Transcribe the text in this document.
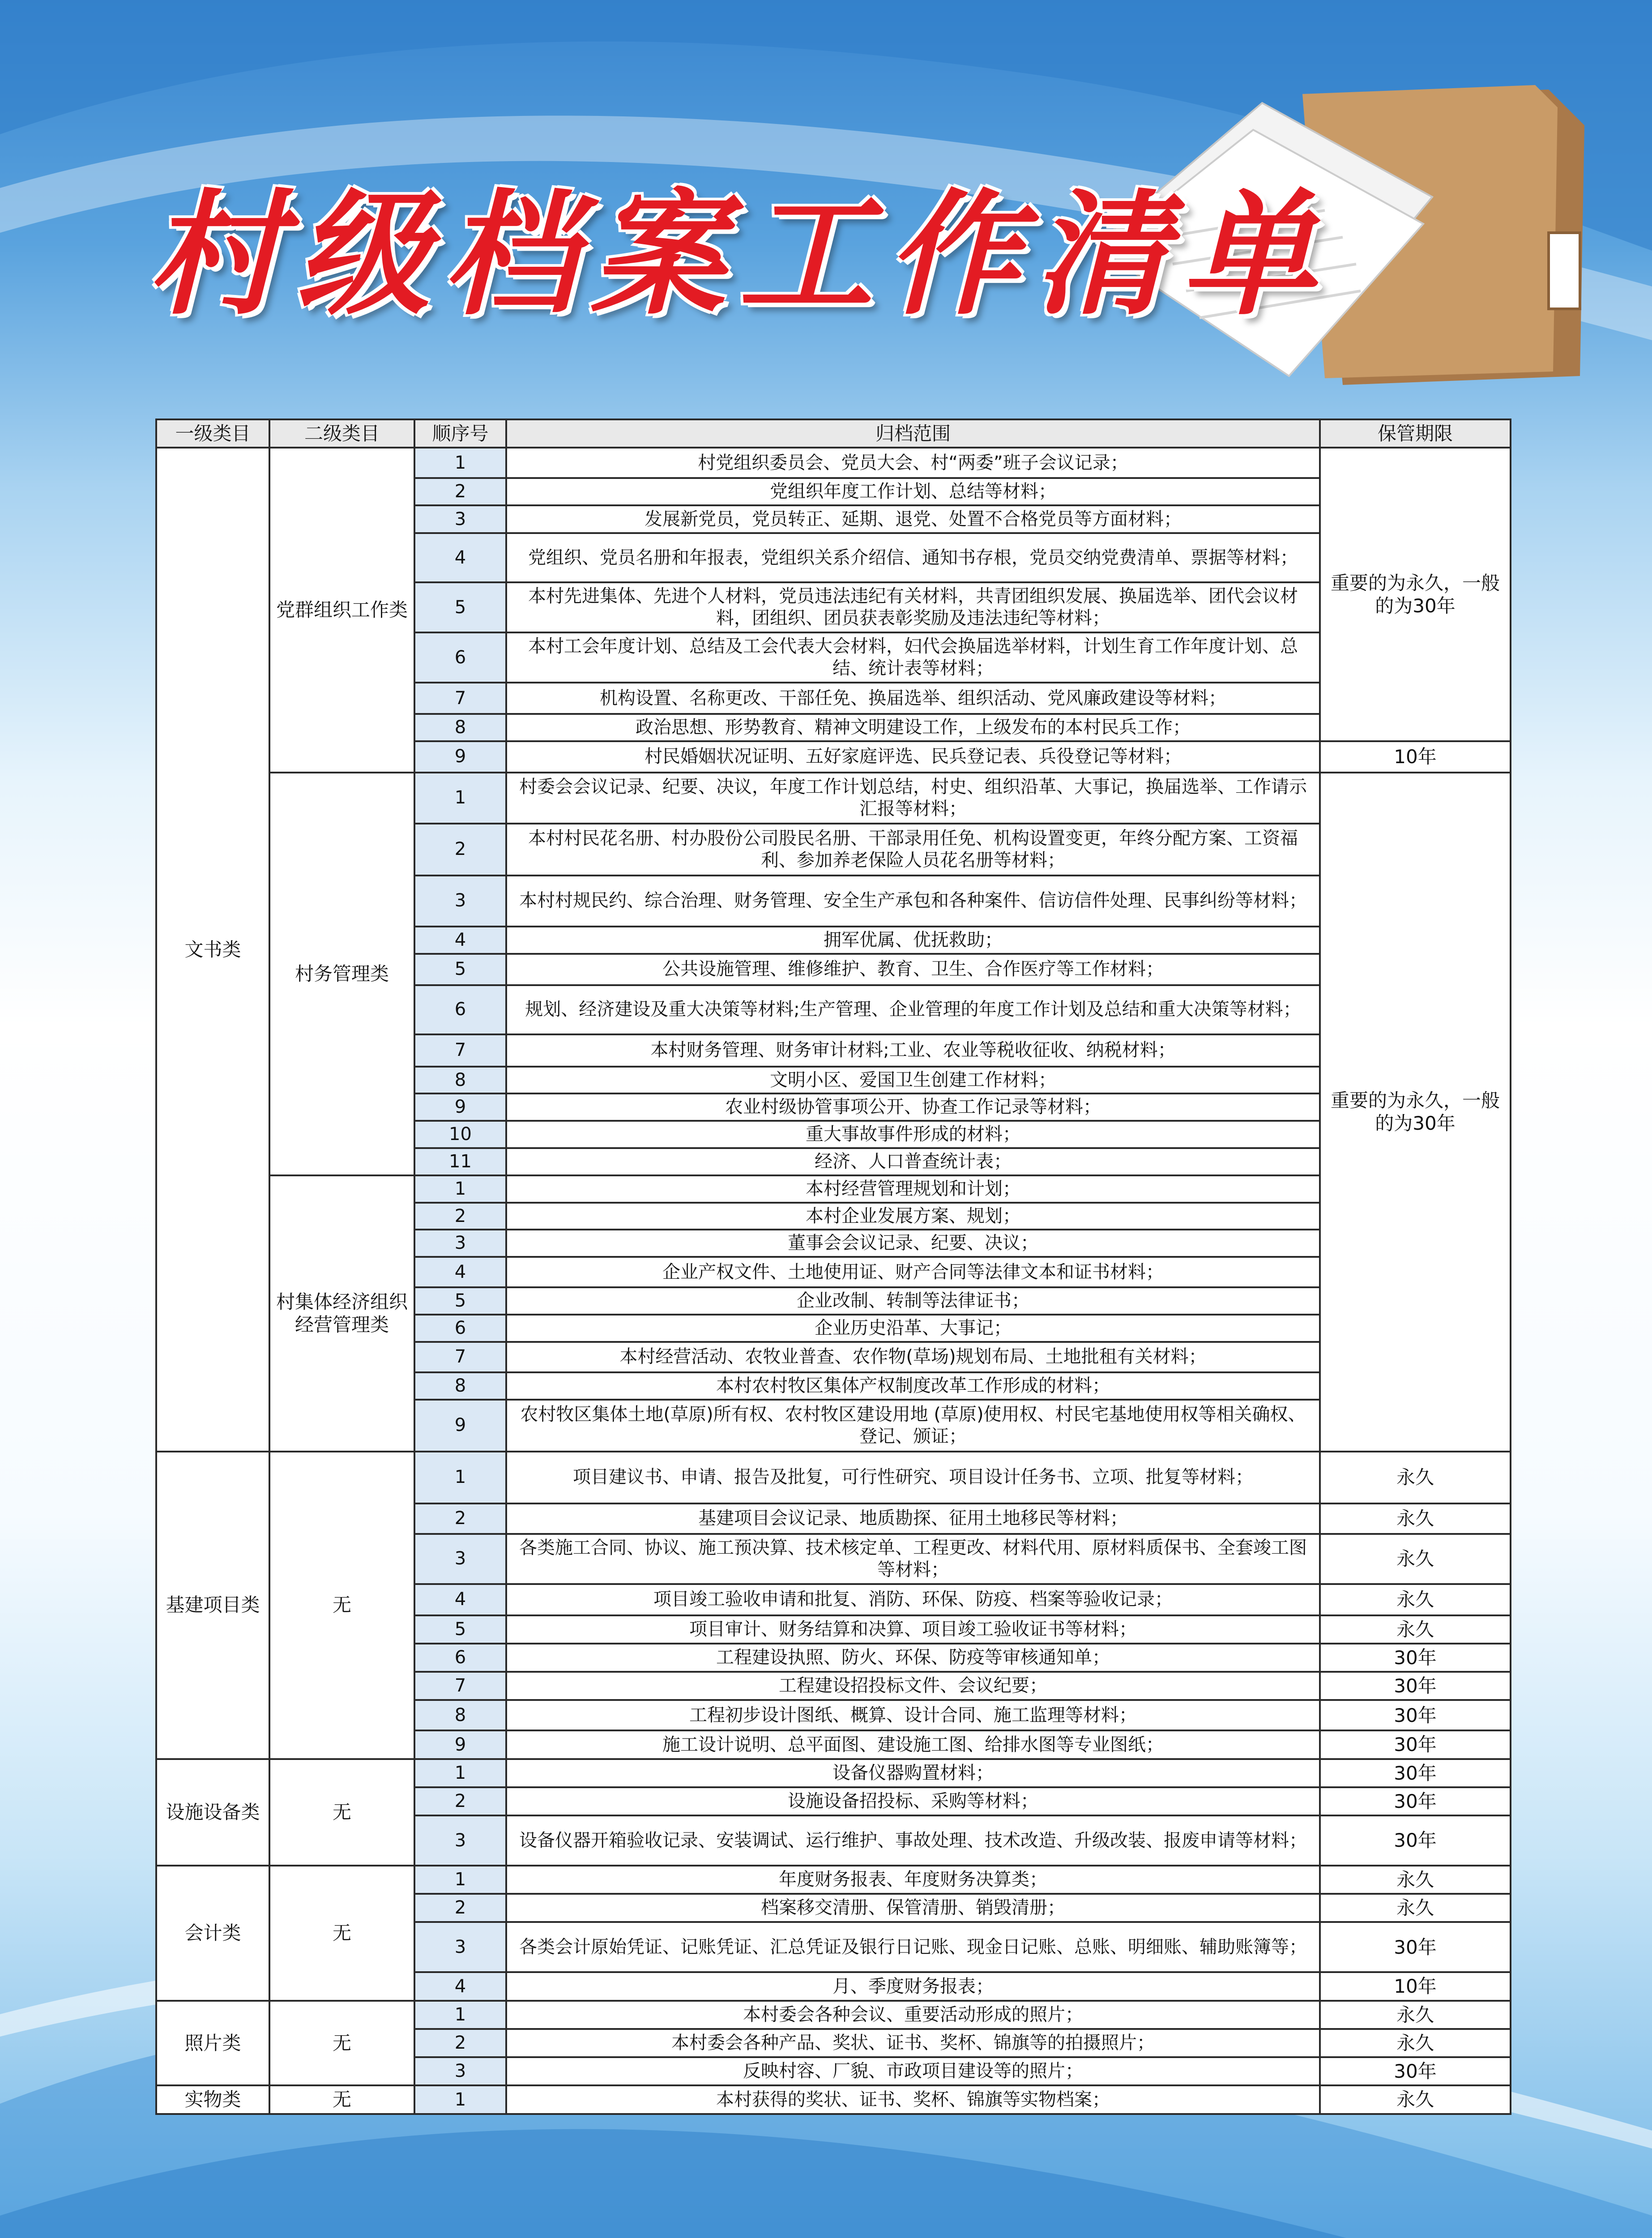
村级档案工作清单
一级类目	二级类目	顺序号	归档范围	保管期限
文书类	党群组织工作类	1	村党组织委员会、党员大会、村“两委”班子会议记录；	重要的为永久，一般的为30年
		2	党组织年度工作计划、总结等材料；	
		3	发展新党员，党员转正、延期、退党、处置不合格党员等方面材料；	
		4	党组织、党员名册和年报表，党组织关系介绍信、通知书存根，党员交纳党费清单、票据等材料；	
		5	本村先进集体、先进个人材料，党员违法违纪有关材料，共青团组织发展、换届选举、团代会议材料，团组织、团员获表彰奖励及违法违纪等材料；	
		6	本村工会年度计划、总结及工会代表大会材料，妇代会换届选举材料，计划生育工作年度计划、总结、统计表等材料；	
		7	机构设置、名称更改、干部任免、换届选举、组织活动、党风廉政建设等材料；	
		8	政治思想、形势教育、精神文明建设工作，上级发布的本村民兵工作；	
		9	村民婚姻状况证明、五好家庭评选、民兵登记表、兵役登记等材料；	10年
	村务管理类	1	村委会会议记录、纪要、决议，年度工作计划总结，村史、组织沿革、大事记，换届选举、工作请示汇报等材料；	重要的为永久，一般的为30年
		2	本村村民花名册、村办股份公司股民名册、干部录用任免、机构设置变更，年终分配方案、工资福利、参加养老保险人员花名册等材料；	
		3	本村村规民约、综合治理、财务管理、安全生产承包和各种案件、信访信件处理、民事纠纷等材料；	
		4	拥军优属、优抚救助；	
		5	公共设施管理、维修维护、教育、卫生、合作医疗等工作材料；	
		6	规划、经济建设及重大决策等材料;生产管理、企业管理的年度工作计划及总结和重大决策等材料；	
		7	本村财务管理、财务审计材料;工业、农业等税收征收、纳税材料；	
		8	文明小区、爱国卫生创建工作材料；	
		9	农业村级协管事项公开、协查工作记录等材料；	
		10	重大事故事件形成的材料；	
		11	经济、人口普查统计表；	
	村集体经济组织经营管理类	1	本村经营管理规划和计划；	
		2	本村企业发展方案、规划；	
		3	董事会会议记录、纪要、决议；	
		4	企业产权文件、土地使用证、财产合同等法律文本和证书材料；	
		5	企业改制、转制等法律证书；	
		6	企业历史沿革、大事记；	
		7	本村经营活动、农牧业普查、农作物(草场)规划布局、土地批租有关材料；	
		8	本村农村牧区集体产权制度改革工作形成的材料；	
		9	农村牧区集体土地(草原)所有权、农村牧区建设用地 (草原)使用权、村民宅基地使用权等相关确权、登记、颁证；	
基建项目类	无	1	项目建议书、申请、报告及批复，可行性研究、项目设计任务书、立项、批复等材料；	永久
		2	基建项目会议记录、地质勘探、征用土地移民等材料；	永久
		3	各类施工合同、协议、施工预决算、技术核定单、工程更改、材料代用、原材料质保书、全套竣工图等材料；	永久
		4	项目竣工验收申请和批复、消防、环保、防疫、档案等验收记录；	永久
		5	项目审计、财务结算和决算、项目竣工验收证书等材料；	永久
		6	工程建设执照、防火、环保、防疫等审核通知单；	30年
		7	工程建设招投标文件、会议纪要；	30年
		8	工程初步设计图纸、概算、设计合同、施工监理等材料；	30年
		9	施工设计说明、总平面图、建设施工图、给排水图等专业图纸；	30年
设施设备类	无	1	设备仪器购置材料；	30年
		2	设施设备招投标、采购等材料；	30年
		3	设备仪器开箱验收记录、安装调试、运行维护、事故处理、技术改造、升级改装、报废申请等材料；	30年
会计类	无	1	年度财务报表、年度财务决算类；	永久
		2	档案移交清册、保管清册、销毁清册；	永久
		3	各类会计原始凭证、记账凭证、汇总凭证及银行日记账、现金日记账、总账、明细账、辅助账簿等；	30年
		4	月、季度财务报表；	10年
照片类	无	1	本村委会各种会议、重要活动形成的照片；	永久
		2	本村委会各种产品、奖状、证书、奖杯、锦旗等的拍摄照片；	永久
		3	反映村容、厂貌、市政项目建设等的照片；	30年
实物类	无	1	本村获得的奖状、证书、奖杯、锦旗等实物档案；	永久
